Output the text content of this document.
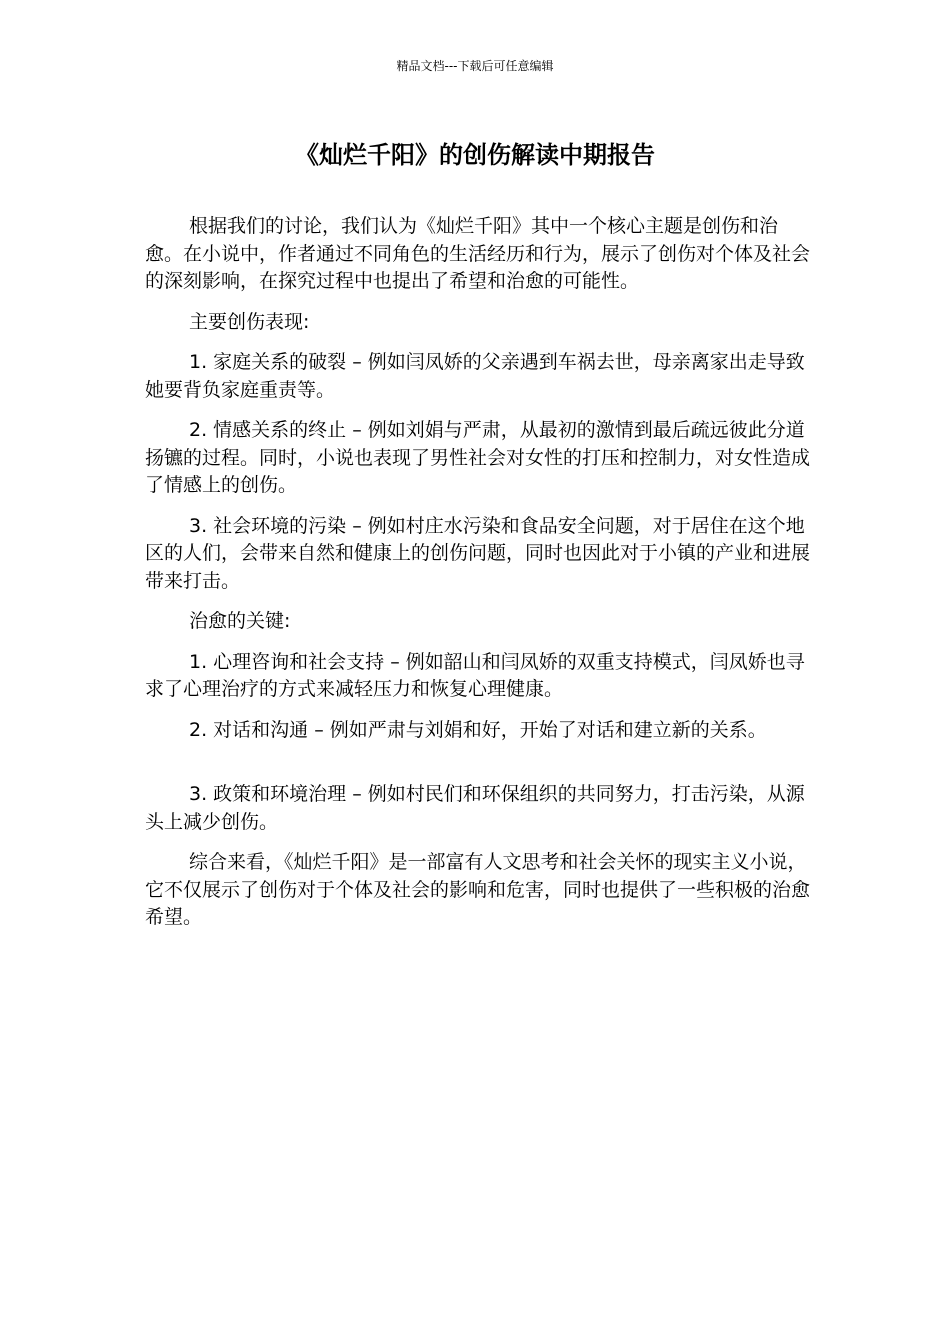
精品文档---下载后可任意编辑
《灿烂千阳》的创伤解读中期报告

根据我们的讨论，我们认为《灿烂千阳》其中一个核心主题是创伤和治愈。在小说中，作者通过不同角色的生活经历和行为，展示了创伤对个体及社会的深刻影响，在探究过程中也提出了希望和治愈的可能性。

主要创伤表现:

1. 家庭关系的破裂 – 例如闫凤娇的父亲遇到车祸去世，母亲离家出走导致她要背负家庭重责等。

2. 情感关系的终止 – 例如刘娟与严肃，从最初的激情到最后疏远彼此分道扬镳的过程。同时，小说也表现了男性社会对女性的打压和控制力，对女性造成了情感上的创伤。

3. 社会环境的污染 – 例如村庄水污染和食品安全问题，对于居住在这个地区的人们，会带来自然和健康上的创伤问题，同时也因此对于小镇的产业和进展带来打击。

治愈的关键:

1. 心理咨询和社会支持 – 例如韶山和闫凤娇的双重支持模式，闫凤娇也寻求了心理治疗的方式来减轻压力和恢复心理健康。

2. 对话和沟通 – 例如严肃与刘娟和好，开始了对话和建立新的关系。

3. 政策和环境治理 – 例如村民们和环保组织的共同努力，打击污染，从源头上减少创伤。

综合来看，《灿烂千阳》是一部富有人文思考和社会关怀的现实主义小说，它不仅展示了创伤对于个体及社会的影响和危害，同时也提供了一些积极的治愈希望。
